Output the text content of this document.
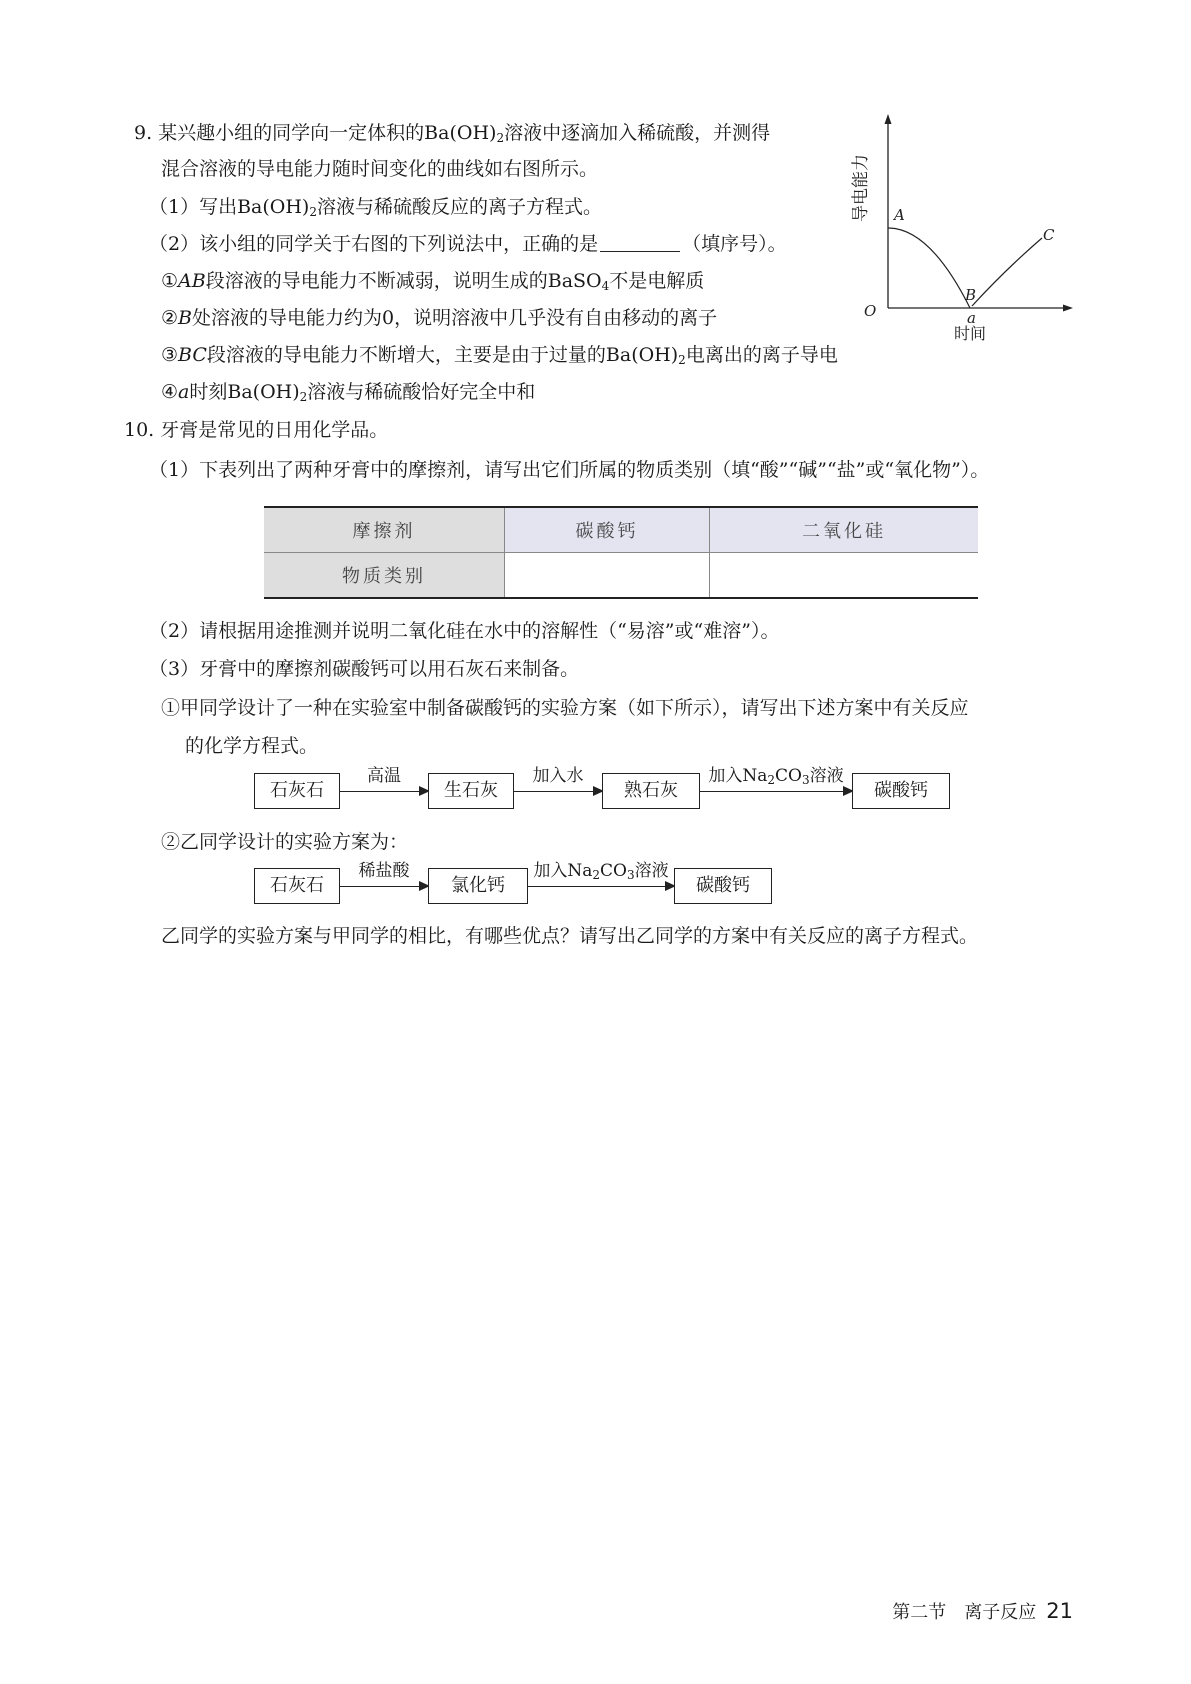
9. 某兴趣小组的同学向一定体积的$Ba(OH)_2$溶液中逐滴加入稀硫酸，并测得
混合溶液的导电能力随时间变化的曲线如右图所示。
（1）写出$Ba(OH)_2$溶液与稀硫酸反应的离子方程式。
（2）该小组的同学关于右图的下列说法中，正确的是	（填序号）。
①AB段溶液的导电能力不断减弱，说明生成的BaSO$_4$不是电解质
②B处溶液的导电能力约为0，说明溶液中几乎没有自由移动的离子
③BC段溶液的导电能力不断增大，主要是由于过量的$Ba(OH)_2$电离出的离子导电
④a时刻$Ba(OH)_2$溶液与稀硫酸恰好完全中和
导电能力 A
B
C
O	a
时间
10. 牙膏是常见的日用化学品。
（1）下表列出了两种牙膏中的摩擦剂，请写出它们所属的物质类别（填“酸”“碱”“盐”或“氧化物”）。
摩擦剂	碳酸钙	二氧化硅
物质类别		
（2）请根据用途推测并说明二氧化硅在水中的溶解性（“易溶”或“难溶”）。
（3）牙膏中的摩擦剂碳酸钙可以用石灰石来制备。
①甲同学设计了一种在实验室中制备碳酸钙的实验方案（如下所示），请写出下述方案中有关反应
的化学方程式。
石灰石
高温
生石灰
加入水
熟石灰
加入$Na_2CO_3$溶液
碳酸钙
②乙同学设计的实验方案为：
石灰石
稀盐酸
氯化钙
加入$Na_2CO_3$溶液
碳酸钙
乙同学的实验方案与甲同学的相比，有哪些优点？请写出乙同学的方案中有关反应的离子方程式。
第二节　离子反应 21
